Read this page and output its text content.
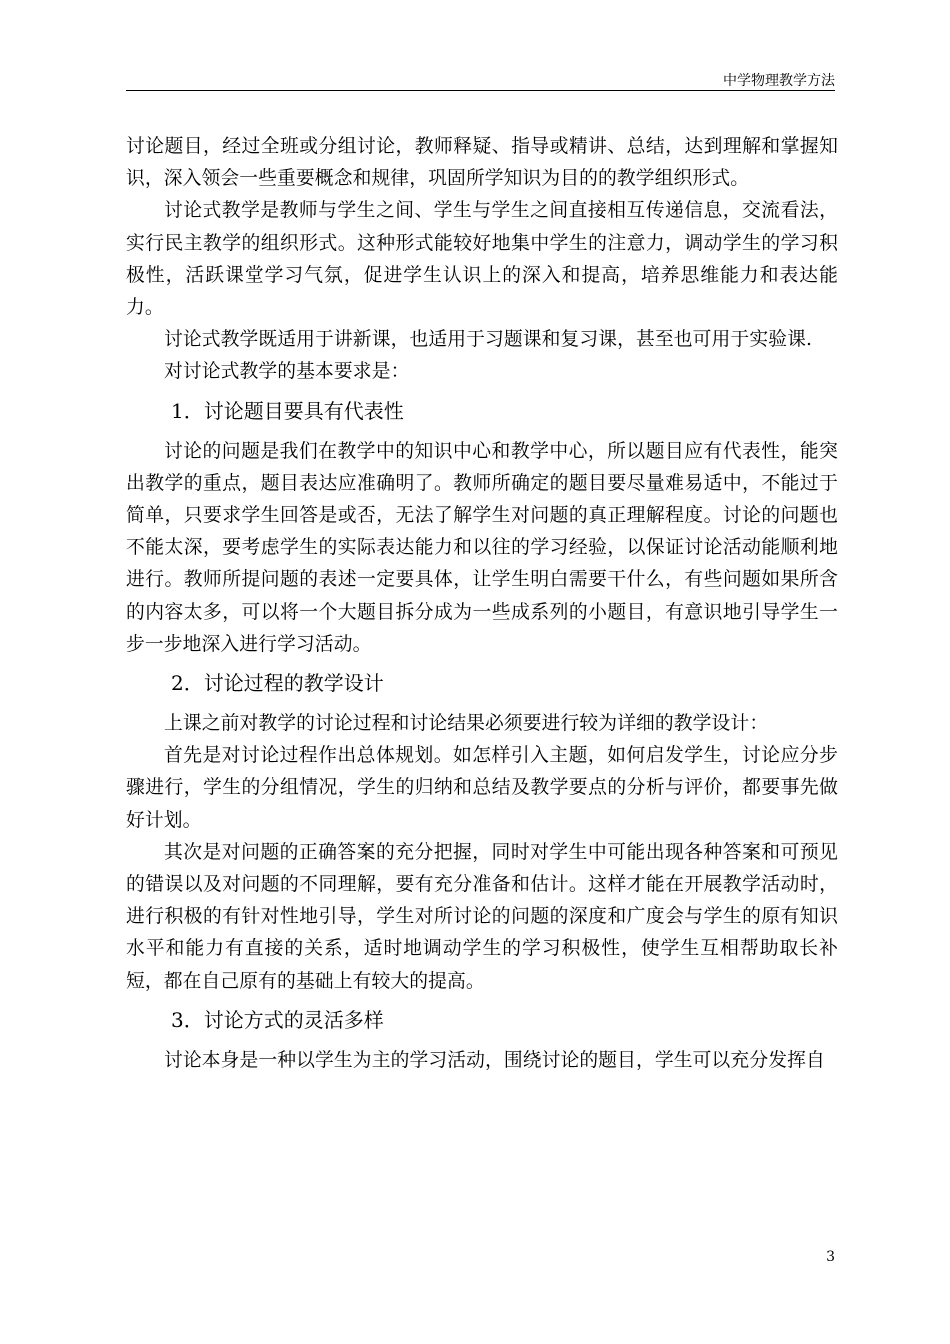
中学物理教学方法

讨论题目，经过全班或分组讨论，教师释疑、指导或精讲、总结，达到理解和掌握知识，深入领会一些重要概念和规律，巩固所学知识为目的的教学组织形式。

讨论式教学是教师与学生之间、学生与学生之间直接相互传递信息，交流看法，实行民主教学的组织形式。这种形式能较好地集中学生的注意力，调动学生的学习积极性，活跃课堂学习气氛，促进学生认识上的深入和提高，培养思维能力和表达能力。

讨论式教学既适用于讲新课，也适用于习题课和复习课，甚至也可用于实验课.

对讨论式教学的基本要求是：

1．讨论题目要具有代表性

讨论的问题是我们在教学中的知识中心和教学中心，所以题目应有代表性，能突出教学的重点，题目表达应准确明了。教师所确定的题目要尽量难易适中，不能过于简单，只要求学生回答是或否，无法了解学生对问题的真正理解程度。讨论的问题也不能太深，要考虑学生的实际表达能力和以往的学习经验，以保证讨论活动能顺利地进行。教师所提问题的表述一定要具体，让学生明白需要干什么，有些问题如果所含的内容太多，可以将一个大题目拆分成为一些成系列的小题目，有意识地引导学生一步一步地深入进行学习活动。

2．讨论过程的教学设计

上课之前对教学的讨论过程和讨论结果必须要进行较为详细的教学设计：

首先是对讨论过程作出总体规划。如怎样引入主题，如何启发学生，讨论应分步骤进行，学生的分组情况，学生的归纳和总结及教学要点的分析与评价，都要事先做好计划。

其次是对问题的正确答案的充分把握，同时对学生中可能出现各种答案和可预见的错误以及对问题的不同理解，要有充分准备和估计。这样才能在开展教学活动时，进行积极的有针对性地引导，学生对所讨论的问题的深度和广度会与学生的原有知识水平和能力有直接的关系，适时地调动学生的学习积极性，使学生互相帮助取长补短，都在自己原有的基础上有较大的提高。

3．讨论方式的灵活多样

讨论本身是一种以学生为主的学习活动，围绕讨论的题目，学生可以充分发挥自

3
